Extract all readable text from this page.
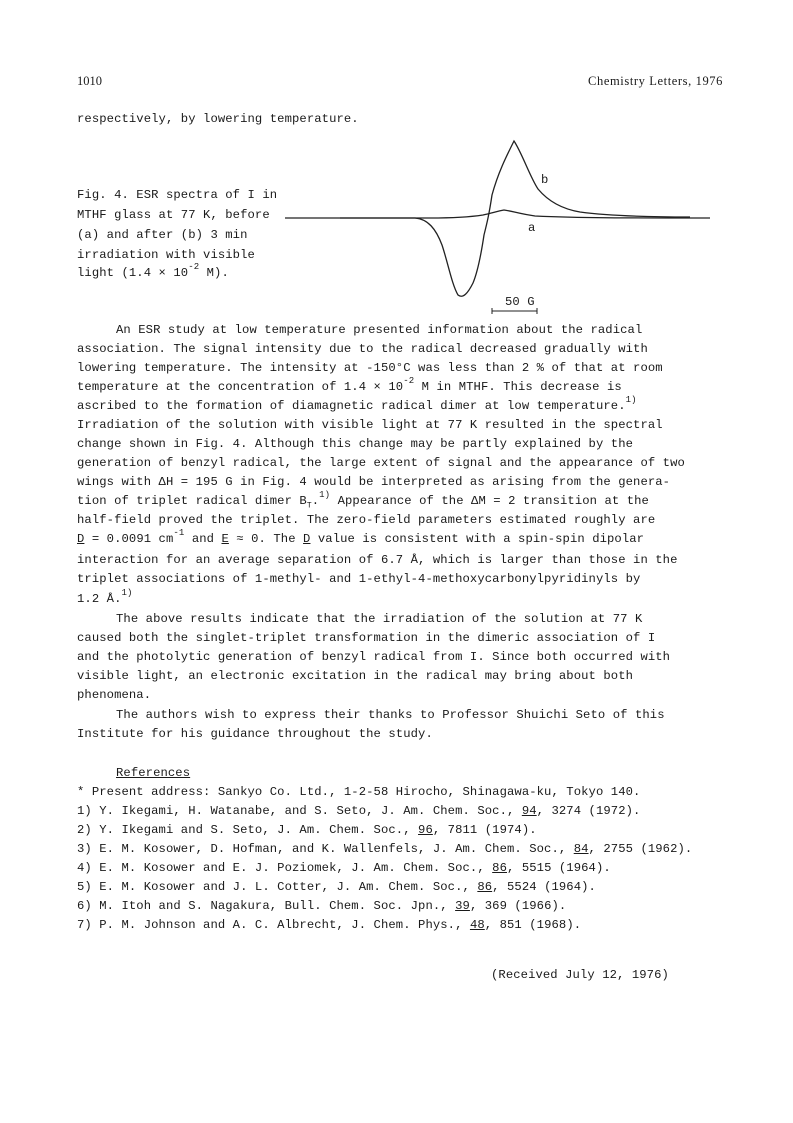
1010	Chemistry Letters, 1976
respectively, by lowering temperature.
Fig. 4. ESR spectra of I in
MTHF glass at 77 K, before
(a) and after (b) 3 min
irradiation with visible
light ($1.4 \times 10^{-2}$ M).
a
b
50 G
An ESR study at low temperature presented information about the radical
association. The signal intensity due to the radical decreased gradually with
lowering temperature. The intensity at -150°C was less than 2 % of that at room
temperature at the concentration of $1.4 \times 10^{-2}$ M in MTHF. This decrease is
ascribed to the formation of diamagnetic radical dimer at low temperature.$^{1)}$
Irradiation of the solution with visible light at 77 K resulted in the spectral
change shown in Fig. 4. Although this change may be partly explained by the
generation of benzyl radical, the large extent of signal and the appearance of two
wings with ΔH = 195 G in Fig. 4 would be interpreted as arising from the genera-
tion of triplet radical dimer $B_T.^{1)}$ Appearance of the ΔM = 2 transition at the
half-field proved the triplet. The zero-field parameters estimated roughly are
D = 0.0091 $cm^{-1}$ and E ≈ 0. The D value is consistent with a spin-spin dipolar
interaction for an average separation of 6.7 Å, which is larger than those in the
triplet associations of 1-methyl- and 1-ethyl-4-methoxycarbonylpyridinyls by
1.2 Å.$^{1)}$
The above results indicate that the irradiation of the solution at 77 K
caused both the singlet-triplet transformation in the dimeric association of I
and the photolytic generation of benzyl radical from I. Since both occurred with
visible light, an electronic excitation in the radical may bring about both
phenomena.
The authors wish to express their thanks to Professor Shuichi Seto of this
Institute for his guidance throughout the study.
References
* Present address: Sankyo Co. Ltd., 1-2-58 Hirocho, Shinagawa-ku, Tokyo 140.
1) Y. Ikegami, H. Watanabe, and S. Seto, J. Am. Chem. Soc., 94, 3274 (1972).
2) Y. Ikegami and S. Seto, J. Am. Chem. Soc., 96, 7811 (1974).
3) E. M. Kosower, D. Hofman, and K. Wallenfels, J. Am. Chem. Soc., 84, 2755 (1962).
4) E. M. Kosower and E. J. Poziomek, J. Am. Chem. Soc., 86, 5515 (1964).
5) E. M. Kosower and J. L. Cotter, J. Am. Chem. Soc., 86, 5524 (1964).
6) M. Itoh and S. Nagakura, Bull. Chem. Soc. Jpn., 39, 369 (1966).
7) P. M. Johnson and A. C. Albrecht, J. Chem. Phys., 48, 851 (1968).
(Received July 12, 1976)
